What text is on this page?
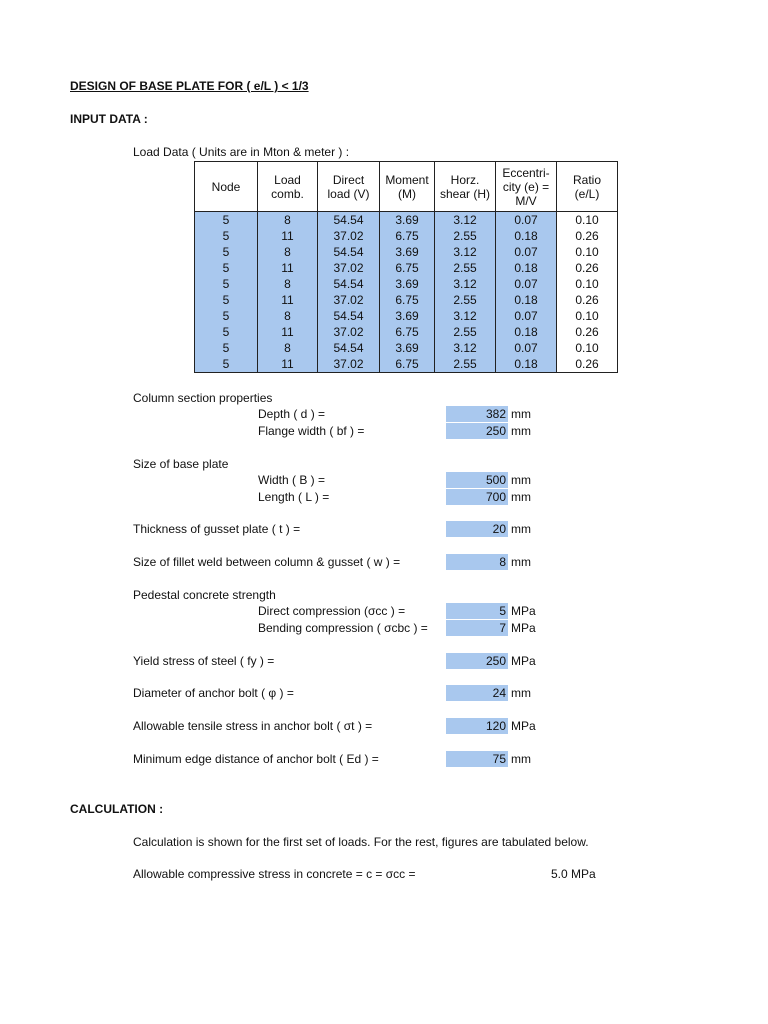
DESIGN OF BASE PLATE FOR ( e/L ) < 1/3
INPUT DATA :
Load Data ( Units are in Mton & meter ) :
Node	Load comb.	Direct load (V)	Moment (M)	Horz. shear (H)	Eccentri-city (e) = M/V	Ratio (e/L)
5	8	54.54	3.69	3.12	0.07	0.10
5	11	37.02	6.75	2.55	0.18	0.26
5	8	54.54	3.69	3.12	0.07	0.10
5	11	37.02	6.75	2.55	0.18	0.26
5	8	54.54	3.69	3.12	0.07	0.10
5	11	37.02	6.75	2.55	0.18	0.26
5	8	54.54	3.69	3.12	0.07	0.10
5	11	37.02	6.75	2.55	0.18	0.26
5	8	54.54	3.69	3.12	0.07	0.10
5	11	37.02	6.75	2.55	0.18	0.26
Column section properties
Depth ( d ) =	382 mm
Flange width ( bf ) =	250 mm
Size of base plate
Width ( B ) =	500 mm
Length ( L ) =	700 mm
Thickness of gusset plate ( t ) =	20 mm
Size of fillet weld between column & gusset ( w ) =	8 mm
Pedestal concrete strength
Direct compression (σcc ) =	5 MPa
Bending compression ( σcbc ) =	7 MPa
Yield stress of steel ( fy ) =	250 MPa
Diameter of anchor bolt ( φ ) =	24 mm
Allowable tensile stress in anchor bolt ( σt ) =	120 MPa
Minimum edge distance of anchor bolt ( Ed ) =	75 mm
CALCULATION :
Calculation is shown for the first set of loads. For the rest, figures are tabulated below.
Allowable compressive stress in concrete = c = σcc =	5.0 MPa
